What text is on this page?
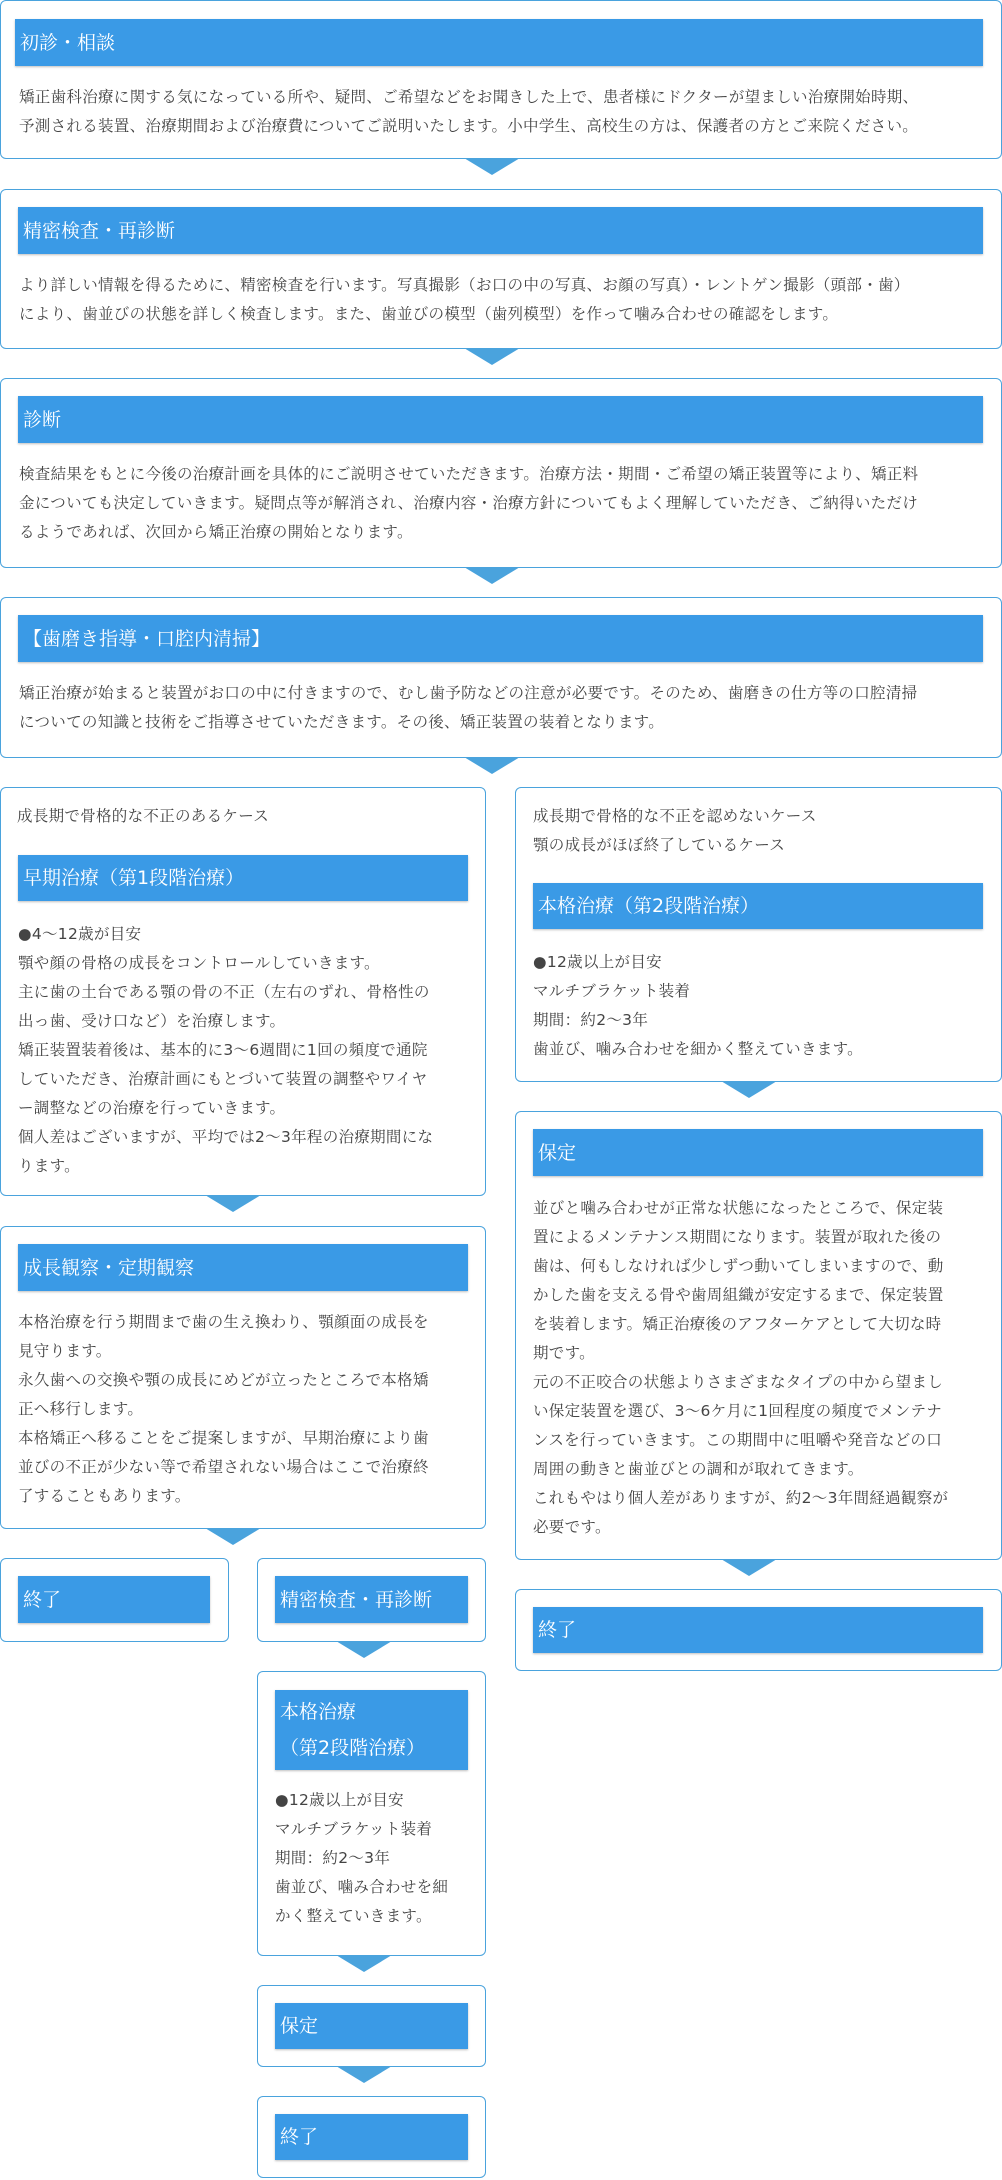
初診・相談
矯正歯科治療に関する気になっている所や、疑問、ご希望などをお聞きした上で、患者様にドクターが望ましい治療開始時期、
予測される装置、治療期間および治療費についてご説明いたします。小中学生、高校生の方は、保護者の方とご来院ください。
精密検査・再診断
より詳しい情報を得るために、精密検査を行います。写真撮影（お口の中の写真、お顔の写真）・レントゲン撮影（頭部・歯）
により、歯並びの状態を詳しく検査します。また、歯並びの模型（歯列模型）を作って噛み合わせの確認をします。
診断
検査結果をもとに今後の治療計画を具体的にご説明させていただきます。治療方法・期間・ご希望の矯正装置等により、矯正料
金についても決定していきます。疑問点等が解消され、治療内容・治療方針についてもよく理解していただき、ご納得いただけ
るようであれば、次回から矯正治療の開始となります。
【歯磨き指導・口腔内清掃】
矯正治療が始まると装置がお口の中に付きますので、むし歯予防などの注意が必要です。そのため、歯磨きの仕方等の口腔清掃
についての知識と技術をご指導させていただきます。その後、矯正装置の装着となります。
成長期で骨格的な不正のあるケース
早期治療（第1段階治療）
●4～12歳が目安
顎や顔の骨格の成長をコントロールしていきます。
主に歯の土台である顎の骨の不正（左右のずれ、骨格性の
出っ歯、受け口など）を治療します。
矯正装置装着後は、基本的に3～6週間に1回の頻度で通院
していただき、治療計画にもとづいて装置の調整やワイヤ
ー調整などの治療を行っていきます。
個人差はございますが、平均では2～3年程の治療期間にな
ります。
成長観察・定期観察
本格治療を行う期間まで歯の生え換わり、顎顔面の成長を
見守ります。
永久歯への交換や顎の成長にめどが立ったところで本格矯
正へ移行します。
本格矯正へ移ることをご提案しますが、早期治療により歯
並びの不正が少ない等で希望されない場合はここで治療終
了することもあります。
終了	精密検査・再診断
本格治療
（第2段階治療）
●12歳以上が目安
マルチブラケット装着
期間：約2～3年
歯並び、噛み合わせを細
かく整えていきます。
保定
終了
成長期で骨格的な不正を認めないケース
顎の成長がほぼ終了しているケース
本格治療（第2段階治療）
●12歳以上が目安
マルチブラケット装着
期間：約2～3年
歯並び、噛み合わせを細かく整えていきます。
保定
並びと噛み合わせが正常な状態になったところで、保定装
置によるメンテナンス期間になります。装置が取れた後の
歯は、何もしなければ少しずつ動いてしまいますので、動
かした歯を支える骨や歯周組織が安定するまで、保定装置
を装着します。矯正治療後のアフターケアとして大切な時
期です。
元の不正咬合の状態よりさまざまなタイプの中から望まし
い保定装置を選び、3～6ケ月に1回程度の頻度でメンテナ
ンスを行っていきます。この期間中に咀嚼や発音などの口
周囲の動きと歯並びとの調和が取れてきます。
これもやはり個人差がありますが、約2～3年間経過観察が
必要です。
終了
